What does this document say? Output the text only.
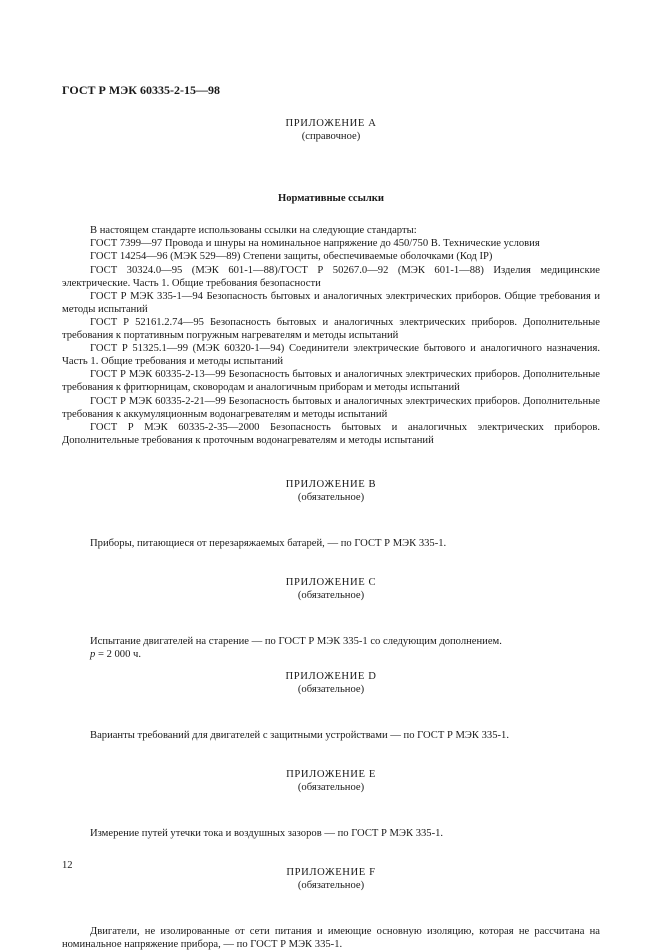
ГОСТ Р МЭК 60335-2-15—98

ПРИЛОЖЕНИЕ А

(справочное)

Нормативные ссылки

В настоящем стандарте использованы ссылки на следующие стандарты:

ГОСТ 7399—97 Провода и шнуры на номинальное напряжение до 450/750 В. Технические условия

ГОСТ 14254—96 (МЭК 529—89) Степени защиты, обеспечиваемые оболочками (Код IP)

ГОСТ 30324.0—95 (МЭК 601-1—88)/ГОСТ Р 50267.0—92 (МЭК 601-1—88) Изделия медицинские электрические. Часть 1. Общие требования безопасности

ГОСТ Р МЭК 335-1—94 Безопасность бытовых и аналогичных электрических приборов. Общие требования и методы испытаний

ГОСТ Р 52161.2.74—95 Безопасность бытовых и аналогичных электрических приборов. Дополнительные требования к портативным погружным нагревателям и методы испытаний

ГОСТ Р 51325.1—99 (МЭК 60320-1—94) Соединители электрические бытового и аналогичного назначения. Часть 1. Общие требования и методы испытаний

ГОСТ Р МЭК 60335-2-13—99 Безопасность бытовых и аналогичных электрических приборов. Дополнительные требования к фритюрницам, сковородам и аналогичным приборам и методы испытаний

ГОСТ Р МЭК 60335-2-21—99 Безопасность бытовых и аналогичных электрических приборов. Дополнительные требования к аккумуляционным водонагревателям и методы испытаний

ГОСТ Р МЭК 60335-2-35—2000 Безопасность бытовых и аналогичных электрических приборов. Дополнительные требования к проточным водонагревателям и методы испытаний

ПРИЛОЖЕНИЕ В

(обязательное)

Приборы, питающиеся от перезаряжаемых батарей, — по ГОСТ Р МЭК 335-1.

ПРИЛОЖЕНИЕ С

(обязательное)

Испытание двигателей на старение — по ГОСТ Р МЭК 335-1 со следующим дополнением.

p = 2 000 ч.

ПРИЛОЖЕНИЕ D

(обязательное)

Варианты требований для двигателей с защитными устройствами — по ГОСТ Р МЭК 335-1.

ПРИЛОЖЕНИЕ Е

(обязательное)

Измерение путей утечки тока и воздушных зазоров — по ГОСТ Р МЭК 335-1.

ПРИЛОЖЕНИЕ F

(обязательное)

Двигатели, не изолированные от сети питания и имеющие основную изоляцию, которая не рассчитана на номинальное напряжение прибора, — по ГОСТ Р МЭК 335-1.

12
